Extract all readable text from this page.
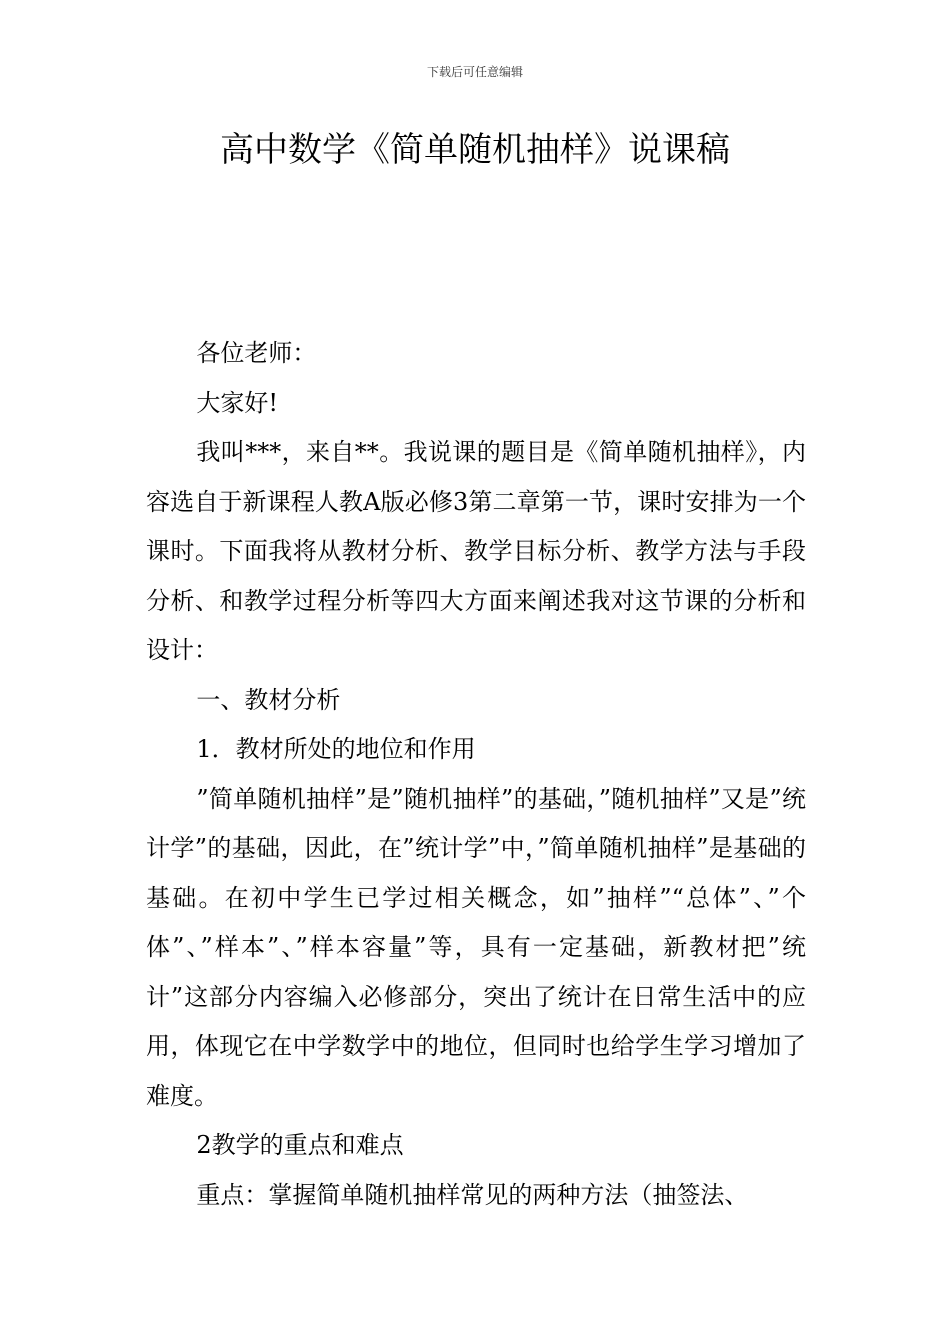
下载后可任意编辑
高中数学《简单随机抽样》说课稿

各位老师：

大家好!

我叫***，来自**。我说课的题目是《简单随机抽样》，内容选自于新课程人教A版必修3第二章第一节，课时安排为一个课时。下面我将从教材分析、教学目标分析、教学方法与手段分析、和教学过程分析等四大方面来阐述我对这节课的分析和设计：

一、教材分析

1．教材所处的地位和作用

”简单随机抽样”是”随机抽样”的基础，”随机抽样”又是”统计学”的基础，因此，在”统计学”中，”简单随机抽样”是基础的基础。在初中学生已学过相关概念，如”抽样”“总体”、”个体”、”样本”、”样本容量”等，具有一定基础，新教材把”统计”这部分内容编入必修部分，突出了统计在日常生活中的应用，体现它在中学数学中的地位，但同时也给学生学习增加了难度。

2教学的重点和难点

重点：掌握简单随机抽样常见的两种方法（抽签法、
